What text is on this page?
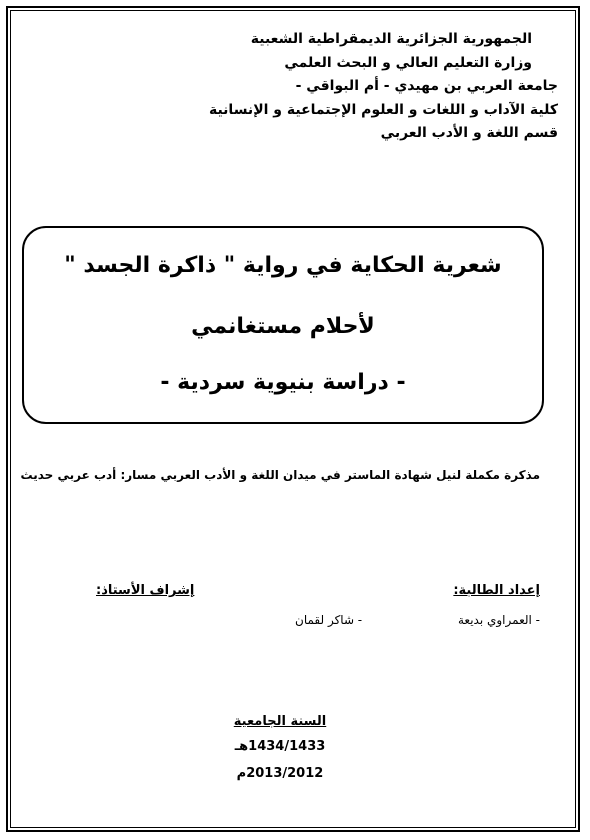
الجمهورية الجزائرية الديمقراطية الشعبية
وزارة التعليم العالي و البحث العلمي
جامعة العربي بن مهيدي - أم البواقي -
كلية الآداب و اللغات و العلوم الإجتماعية و الإنسانية
قسم اللغة و الأدب العربي
شعرية الحكاية في رواية " ذاكرة الجسد "
لأحلام مستغانمي
- دراسة بنيوية سردية -
مذكرة مكملة لنيل شهادة الماستر في ميدان اللغة و الأدب العربي مسار: أدب عربي حديث
إعداد الطالبة:
إشراف الأستاذ:
- العمراوي بديعة
- شاكر لقمان
السنة الجامعية
1434/1433هـ
2013/2012م
